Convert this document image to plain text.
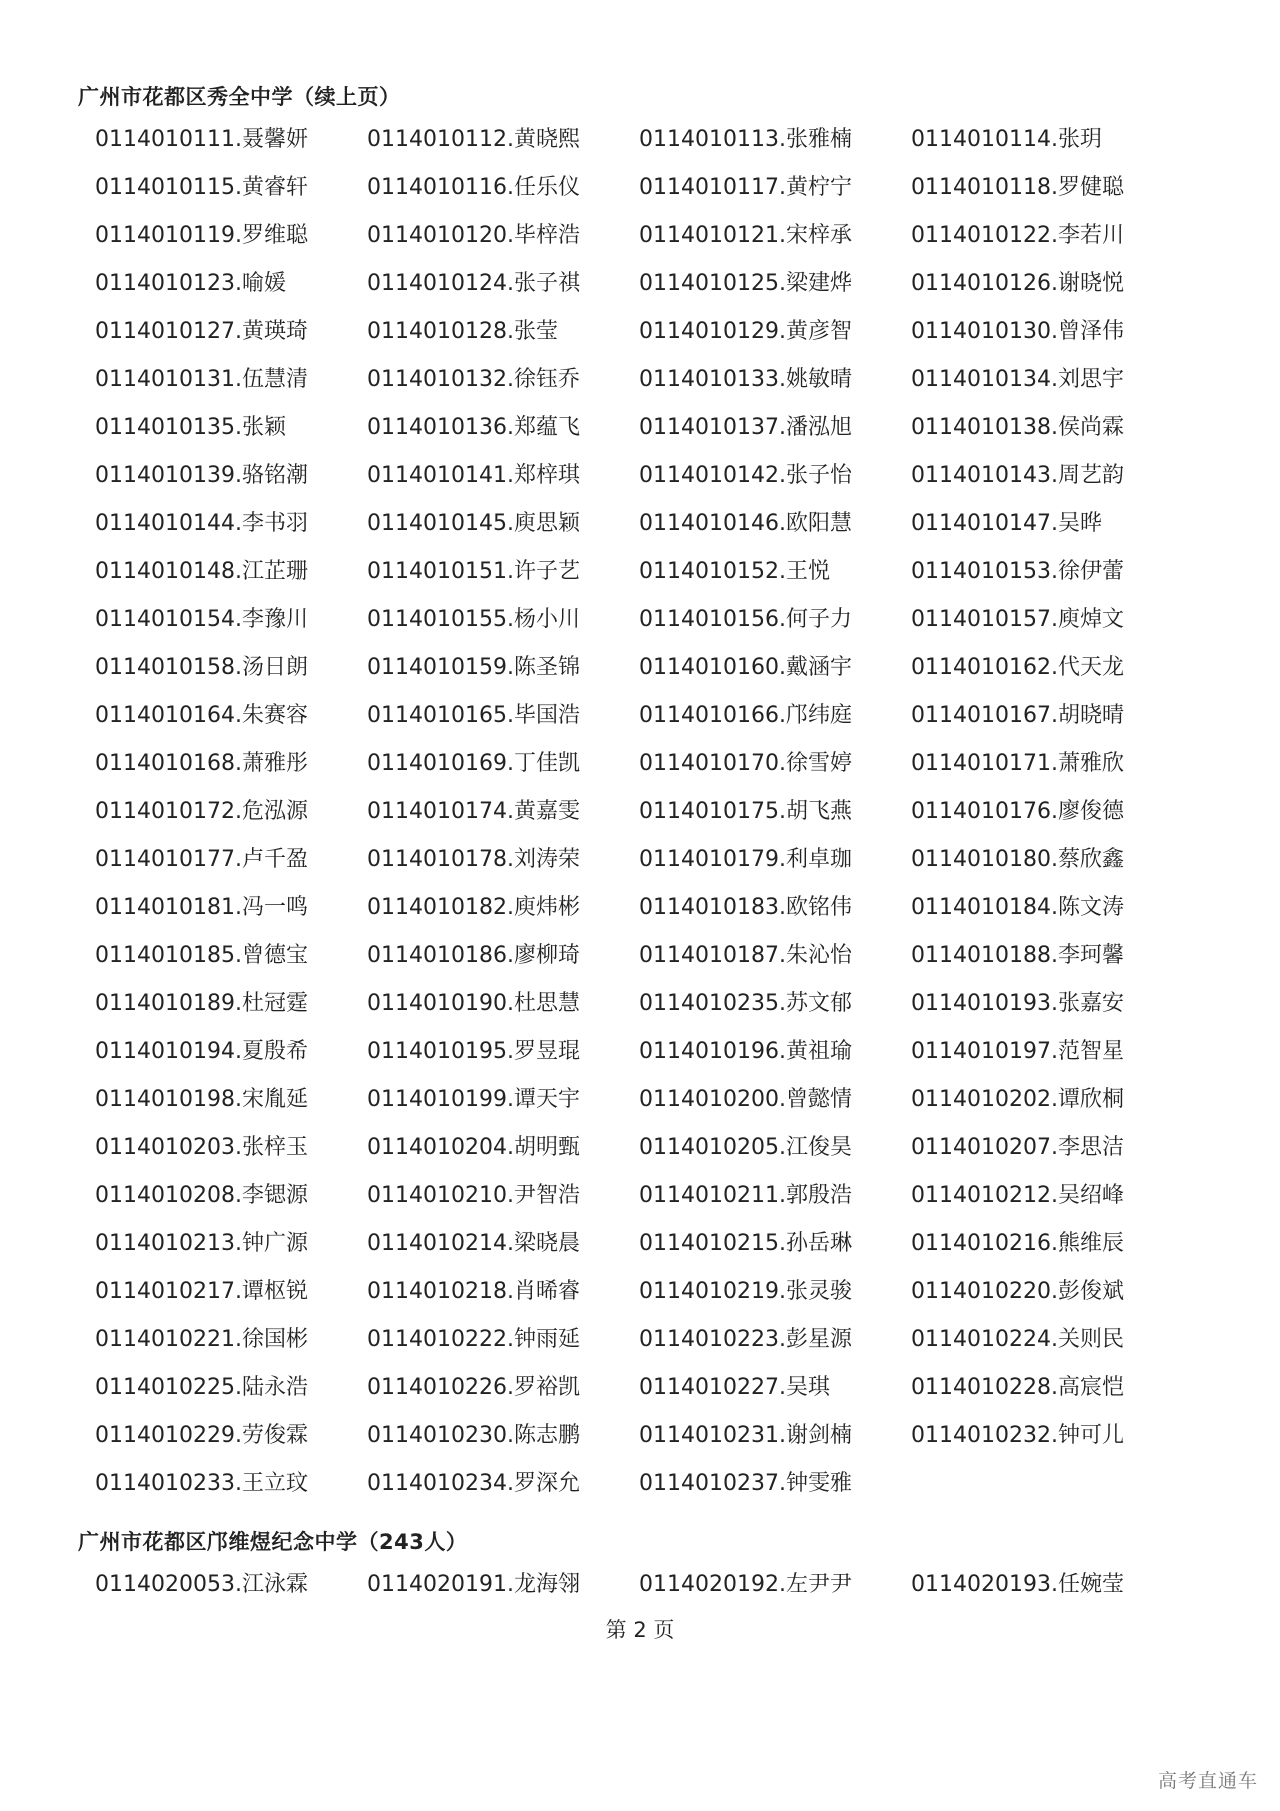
广州市花都区秀全中学（续上页）
0114010111.聂馨妍	0114010112.黄晓熙	0114010113.张雅楠	0114010114.张玥
0114010115.黄睿轩	0114010116.任乐仪	0114010117.黄柠宁	0114010118.罗健聪
0114010119.罗维聪	0114010120.毕梓浩	0114010121.宋梓承	0114010122.李若川
0114010123.喻媛	0114010124.张子祺	0114010125.梁建烨	0114010126.谢晓悦
0114010127.黄瑛琦	0114010128.张莹	0114010129.黄彦智	0114010130.曾泽伟
0114010131.伍慧清	0114010132.徐钰乔	0114010133.姚敏晴	0114010134.刘思宇
0114010135.张颖	0114010136.郑蕴飞	0114010137.潘泓旭	0114010138.侯尚霖
0114010139.骆铭潮	0114010141.郑梓琪	0114010142.张子怡	0114010143.周艺韵
0114010144.李书羽	0114010145.庾思颖	0114010146.欧阳慧	0114010147.吴晔
0114010148.江芷珊	0114010151.许子艺	0114010152.王悦	0114010153.徐伊蕾
0114010154.李豫川	0114010155.杨小川	0114010156.何子力	0114010157.庾焯文
0114010158.汤日朗	0114010159.陈圣锦	0114010160.戴涵宇	0114010162.代天龙
0114010164.朱赛容	0114010165.毕国浩	0114010166.邝纬庭	0114010167.胡晓晴
0114010168.萧雅彤	0114010169.丁佳凯	0114010170.徐雪婷	0114010171.萧雅欣
0114010172.危泓源	0114010174.黄嘉雯	0114010175.胡飞燕	0114010176.廖俊德
0114010177.卢千盈	0114010178.刘涛荣	0114010179.利卓珈	0114010180.蔡欣鑫
0114010181.冯一鸣	0114010182.庾炜彬	0114010183.欧铭伟	0114010184.陈文涛
0114010185.曾德宝	0114010186.廖柳琦	0114010187.朱沁怡	0114010188.李珂馨
0114010189.杜冠霆	0114010190.杜思慧	0114010235.苏文郁	0114010193.张嘉安
0114010194.夏殷希	0114010195.罗昱琨	0114010196.黄祖瑜	0114010197.范智星
0114010198.宋胤延	0114010199.谭天宇	0114010200.曾懿情	0114010202.谭欣桐
0114010203.张梓玉	0114010204.胡明甄	0114010205.江俊昊	0114010207.李思洁
0114010208.李锶源	0114010210.尹智浩	0114010211.郭殷浩	0114010212.吴绍峰
0114010213.钟广源	0114010214.梁晓晨	0114010215.孙岳琳	0114010216.熊维辰
0114010217.谭枢锐	0114010218.肖晞睿	0114010219.张灵骏	0114010220.彭俊斌
0114010221.徐国彬	0114010222.钟雨延	0114010223.彭星源	0114010224.关则民
0114010225.陆永浩	0114010226.罗裕凯	0114010227.吴琪	0114010228.高宸恺
0114010229.劳俊霖	0114010230.陈志鹏	0114010231.谢剑楠	0114010232.钟可儿
0114010233.王立玟	0114010234.罗深允	0114010237.钟雯雅
广州市花都区邝维煜纪念中学（243人）
0114020053.江泳霖	0114020191.龙海翎	0114020192.左尹尹	0114020193.任婉莹
第 2 页
高考直通车
